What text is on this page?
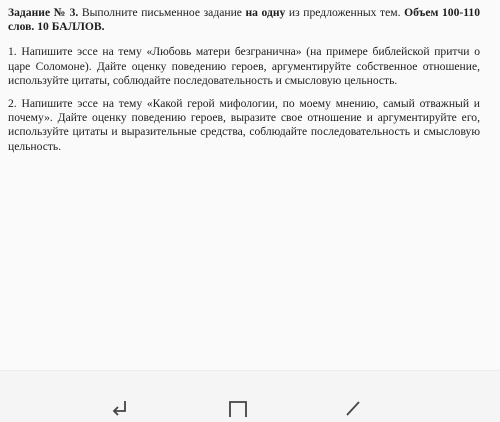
Задание № 3. Выполните письменное задание на одну из предложенных тем. Объем 100-110 слов. 10 БАЛЛОВ.

1. Напишите эссе на тему «Любовь матери безгранична» (на примере библейской притчи о царе Соломоне). Дайте оценку поведению героев, аргументируйте собственное отношение, используйте цитаты, соблюдайте последовательность и смысловую цельность.

2. Напишите эссе на тему «Какой герой мифологии, по моему мнению, самый отважный и почему». Дайте оценку поведению героев, выразите свое отношение и аргументируйте его, используйте цитаты и выразительные средства, соблюдайте последовательность и смысловую цельность.
